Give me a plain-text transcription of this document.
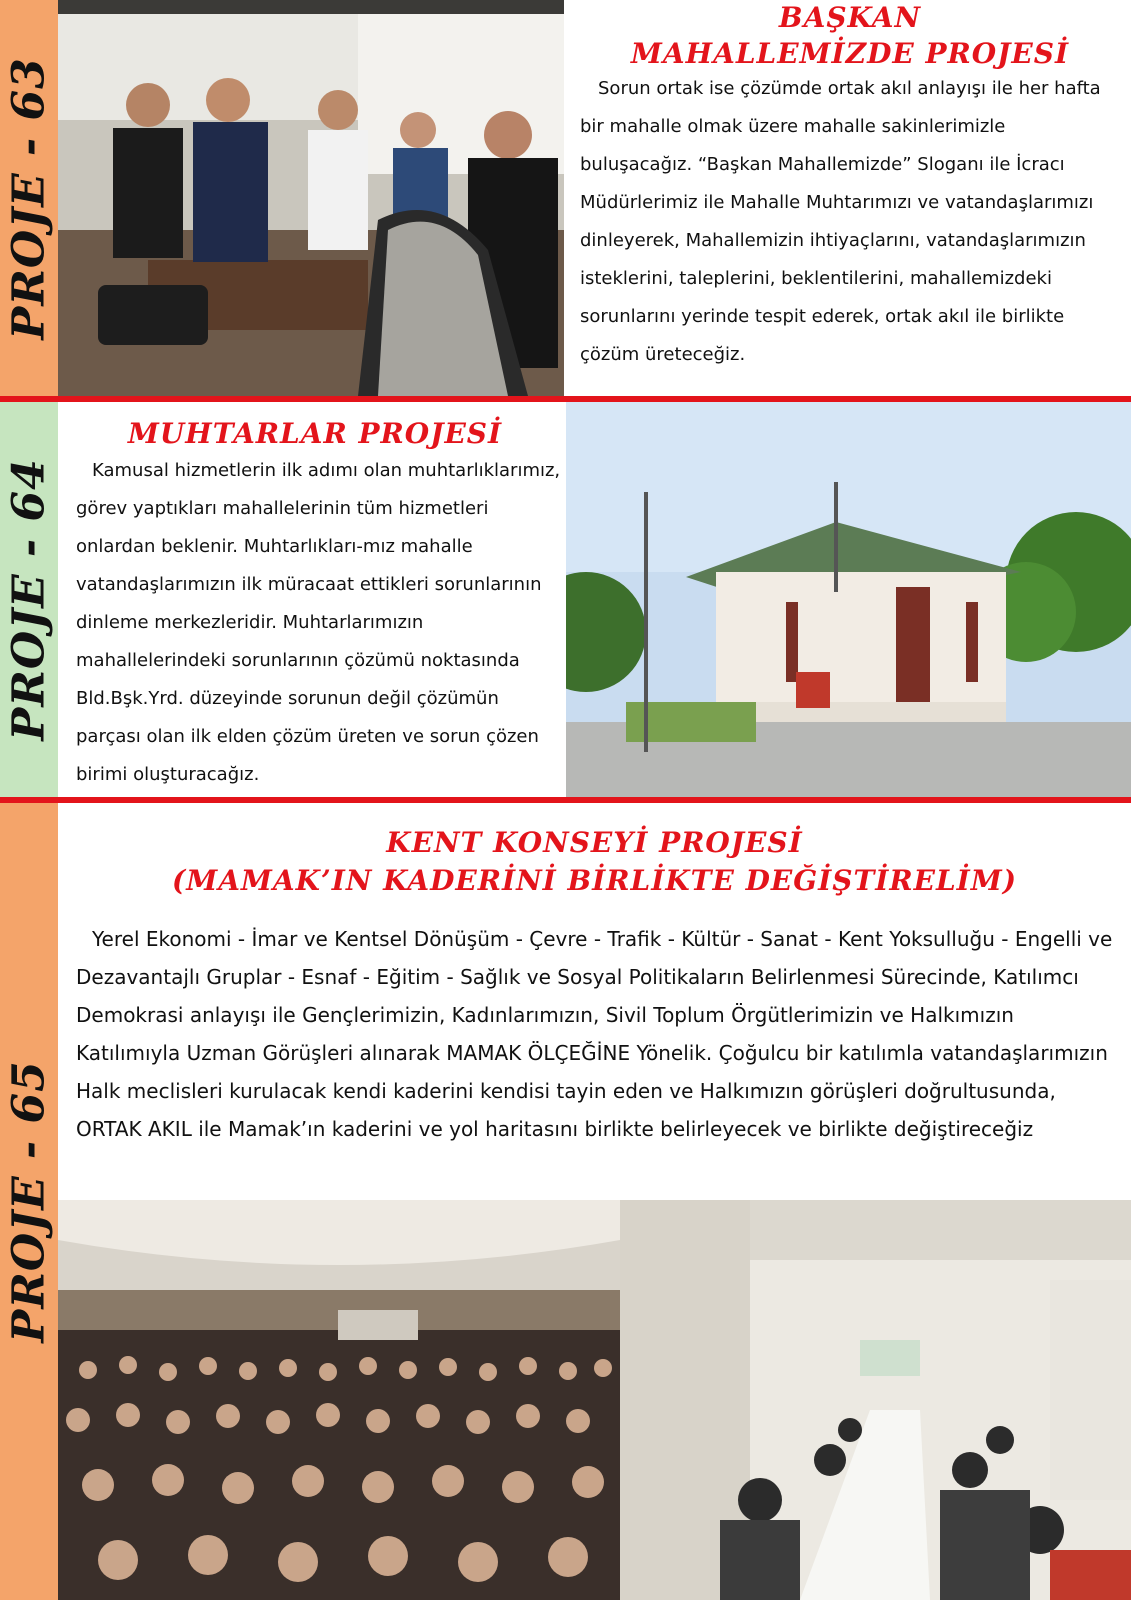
PROJE - 63
BAŞKAN
MAHALLEMİZDE PROJESİ

Sorun ortak ise çözümde ortak akıl anlayışı ile her hafta bir mahalle olmak üzere mahalle sakinlerimizle buluşacağız. “Başkan Mahallemizde” Sloganı ile İcracı Müdürlerimiz ile Mahalle Muhtarımızı ve vatandaşlarımızı dinleyerek, Mahallemizin ihtiyaçlarını, vatandaşlarımızın isteklerini, taleplerini, beklentilerini, mahallemizdeki sorunlarını yerinde tespit ederek, ortak akıl ile birlikte çözüm üreteceğiz.

PROJE - 64
MUHTARLAR PROJESİ

Kamusal hizmetlerin ilk adımı olan muhtarlıklarımız, görev yaptıkları mahallelerinin tüm hizmetleri onlardan beklenir. Muhtarlıkları-mız mahalle vatandaşlarımızın ilk müracaat ettikleri sorunlarının dinleme merkezleridir. Muhtarlarımızın mahallelerindeki sorunlarının çözümü noktasında Bld.Bşk.Yrd. düzeyinde sorunun değil çözümün parçası olan ilk elden çözüm üreten ve sorun çözen birimi oluşturacağız.

PROJE - 65
KENT KONSEYİ PROJESİ
(MAMAK’IN KADERİNİ BİRLİKTE DEĞİŞTİRELİM)

Yerel Ekonomi - İmar ve Kentsel Dönüşüm - Çevre - Trafik - Kültür - Sanat - Kent Yoksulluğu - Engelli ve Dezavantajlı Gruplar - Esnaf - Eğitim - Sağlık ve Sosyal Politikaların Belirlenmesi Sürecinde, Katılımcı Demokrasi anlayışı ile Gençlerimizin, Kadınlarımızın, Sivil Toplum Örgütlerimizin ve Halkımızın Katılımıyla Uzman Görüşleri alınarak MAMAK ÖLÇEĞİNE Yönelik. Çoğulcu bir katılımla vatandaşlarımızın Halk meclisleri kurulacak kendi kaderini kendisi tayin eden ve Halkımızın görüşleri doğrultusunda, ORTAK AKIL ile Mamak’ın kaderini ve yol haritasını birlikte belirleyecek ve birlikte değiştireceğiz
